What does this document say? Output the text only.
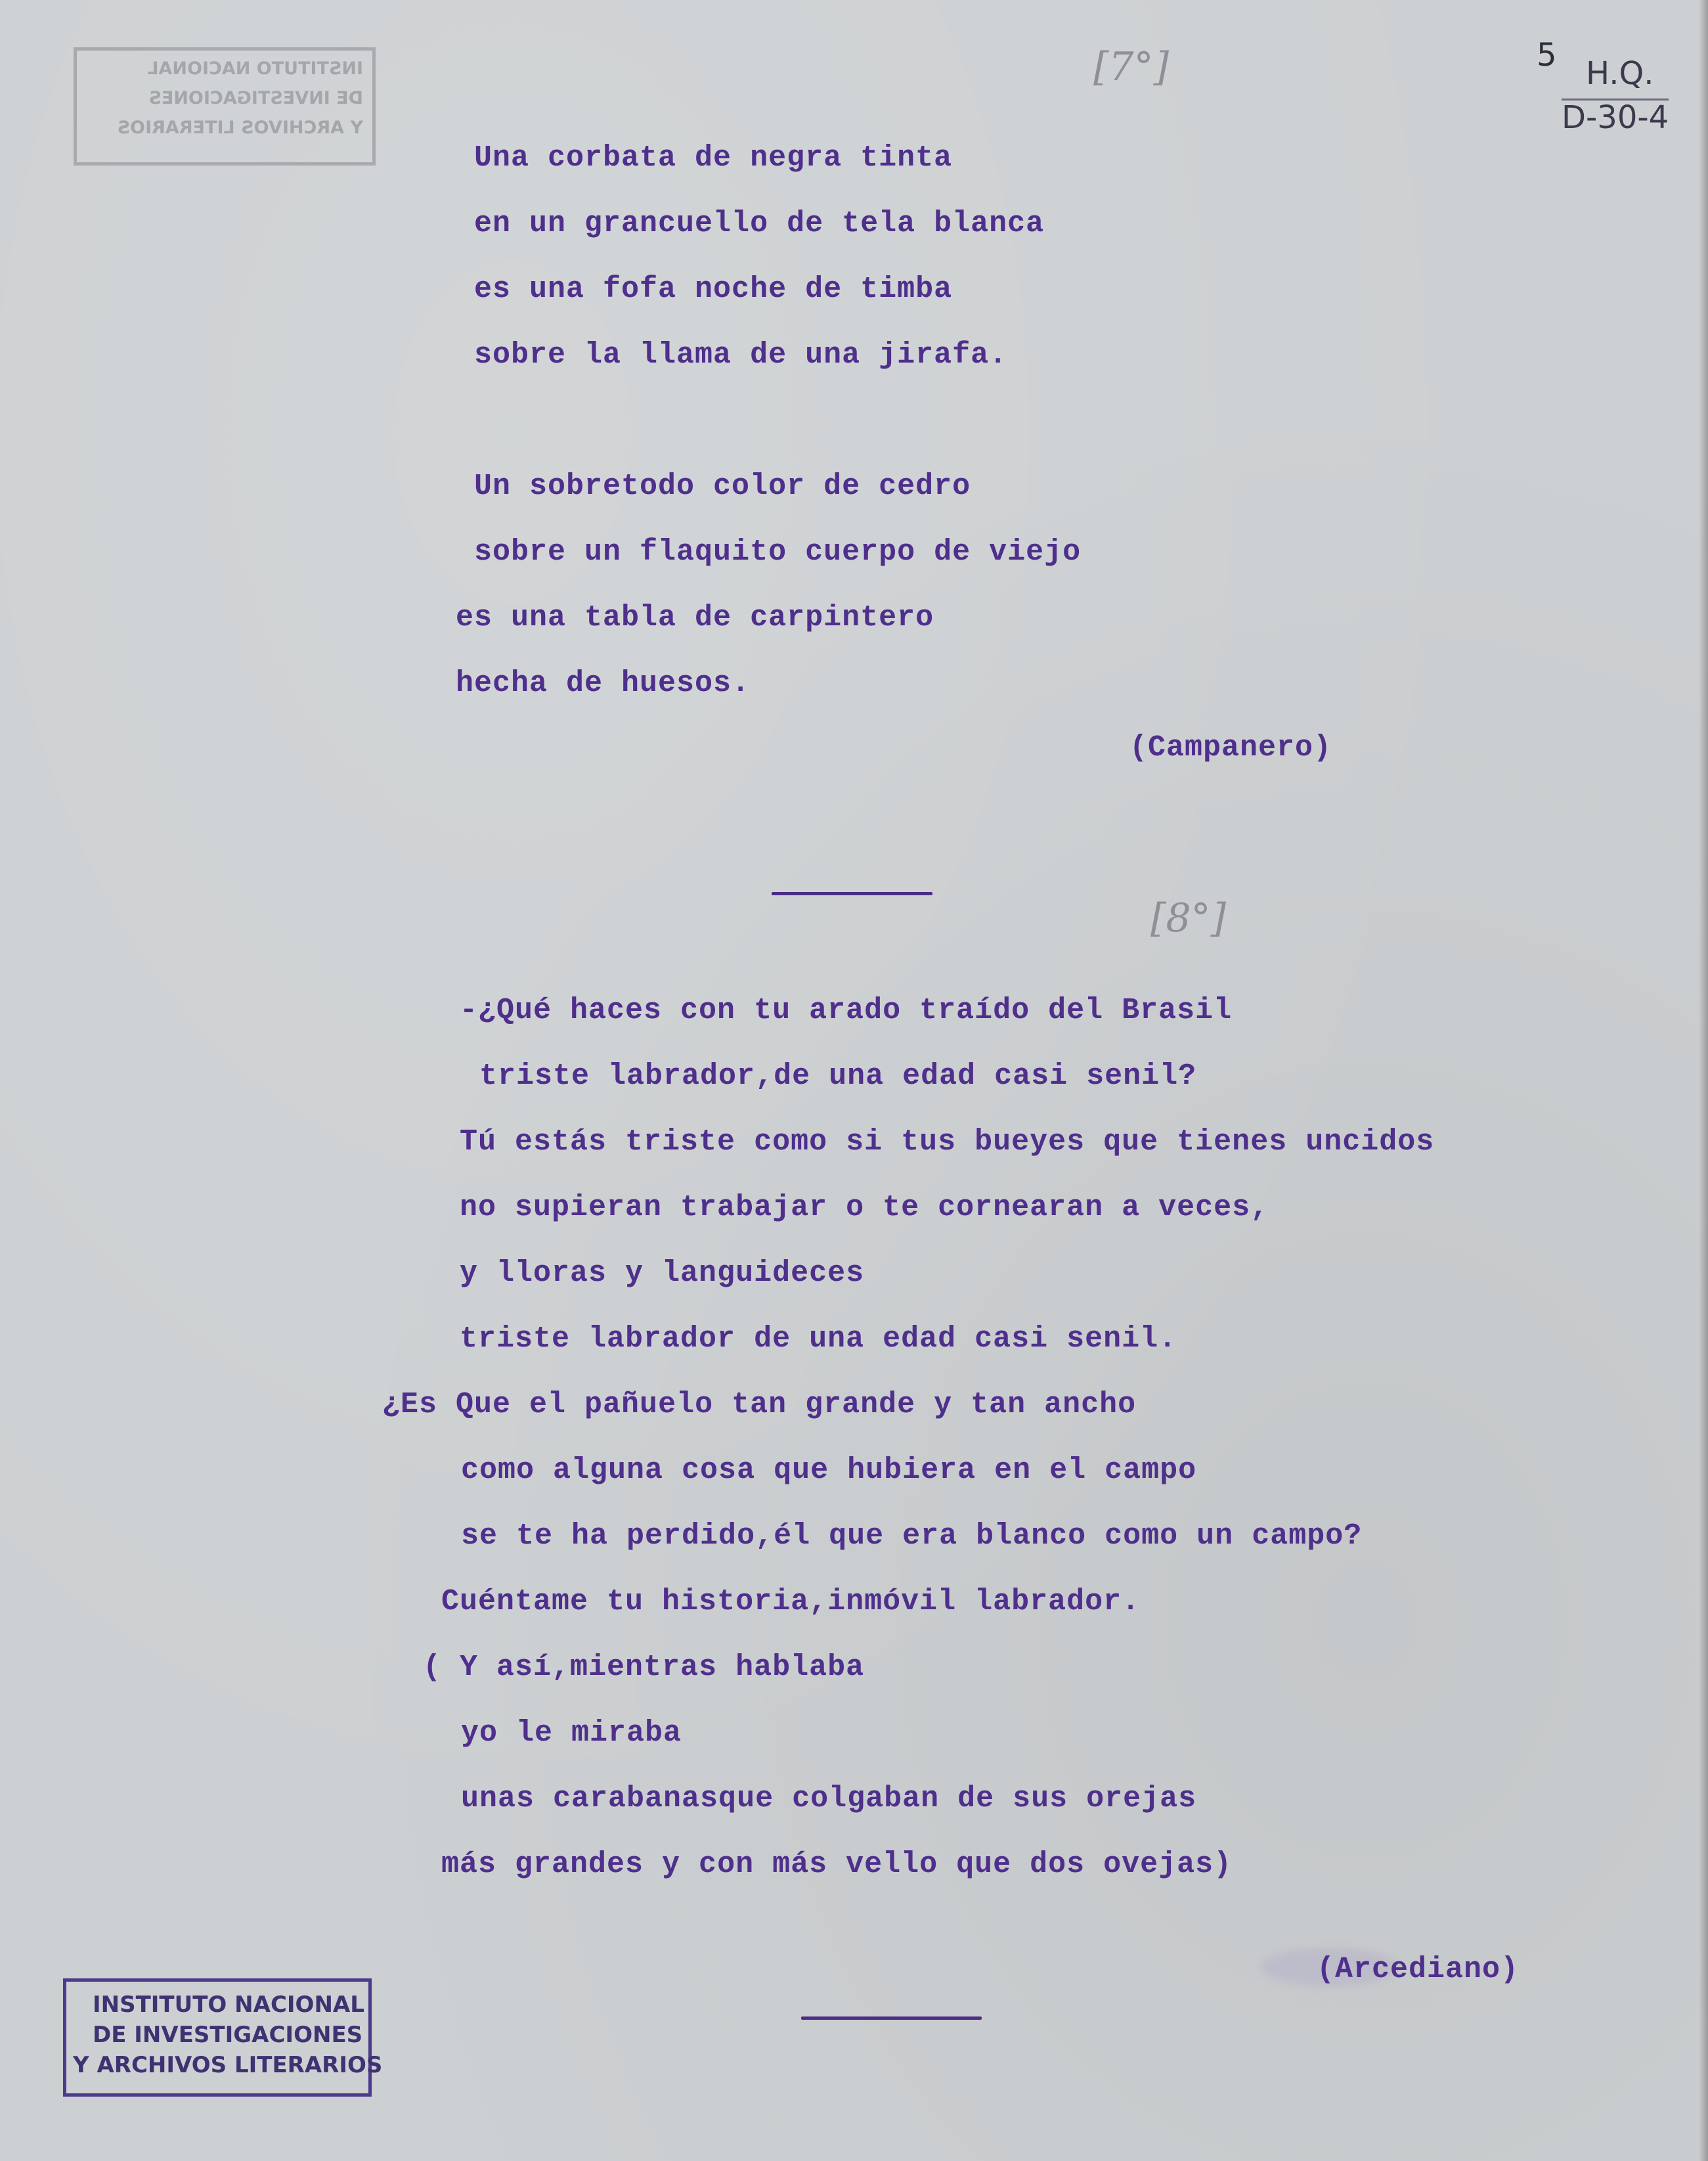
INSTITUTO NACIONAL
DE INVESTIGACIONES
Y ARCHIVOS LITERARIOS
5 H.Q.
D-30-4
[7°]
Una corbata de negra tinta
en un grancuello de tela blanca
es una fofa noche de timba
sobre la llama de una jirafa.
Un sobretodo color de cedro
sobre un flaquito cuerpo de viejo
es una tabla de carpintero
hecha de huesos.
(Campanero)
[8°]
-¿Qué haces con tu arado traído del Brasil
triste labrador,de una edad casi senil?
Tú estás triste como si tus bueyes que tienes uncidos
no supieran trabajar o te cornearan a veces,
y lloras y languideces
triste labrador de una edad casi senil.
¿Es Que el pañuelo tan grande y tan ancho
como alguna cosa que hubiera en el campo
se te ha perdido,él que era blanco como un campo?
Cuéntame tu historia,inmóvil labrador.
( Y así,mientras hablaba
yo le miraba
unas carabanasque colgaban de sus orejas
más grandes y con más vello que dos ovejas)
(Arcediano)
INSTITUTO NACIONAL
DE INVESTIGACIONES
Y ARCHIVOS LITERARIOS
